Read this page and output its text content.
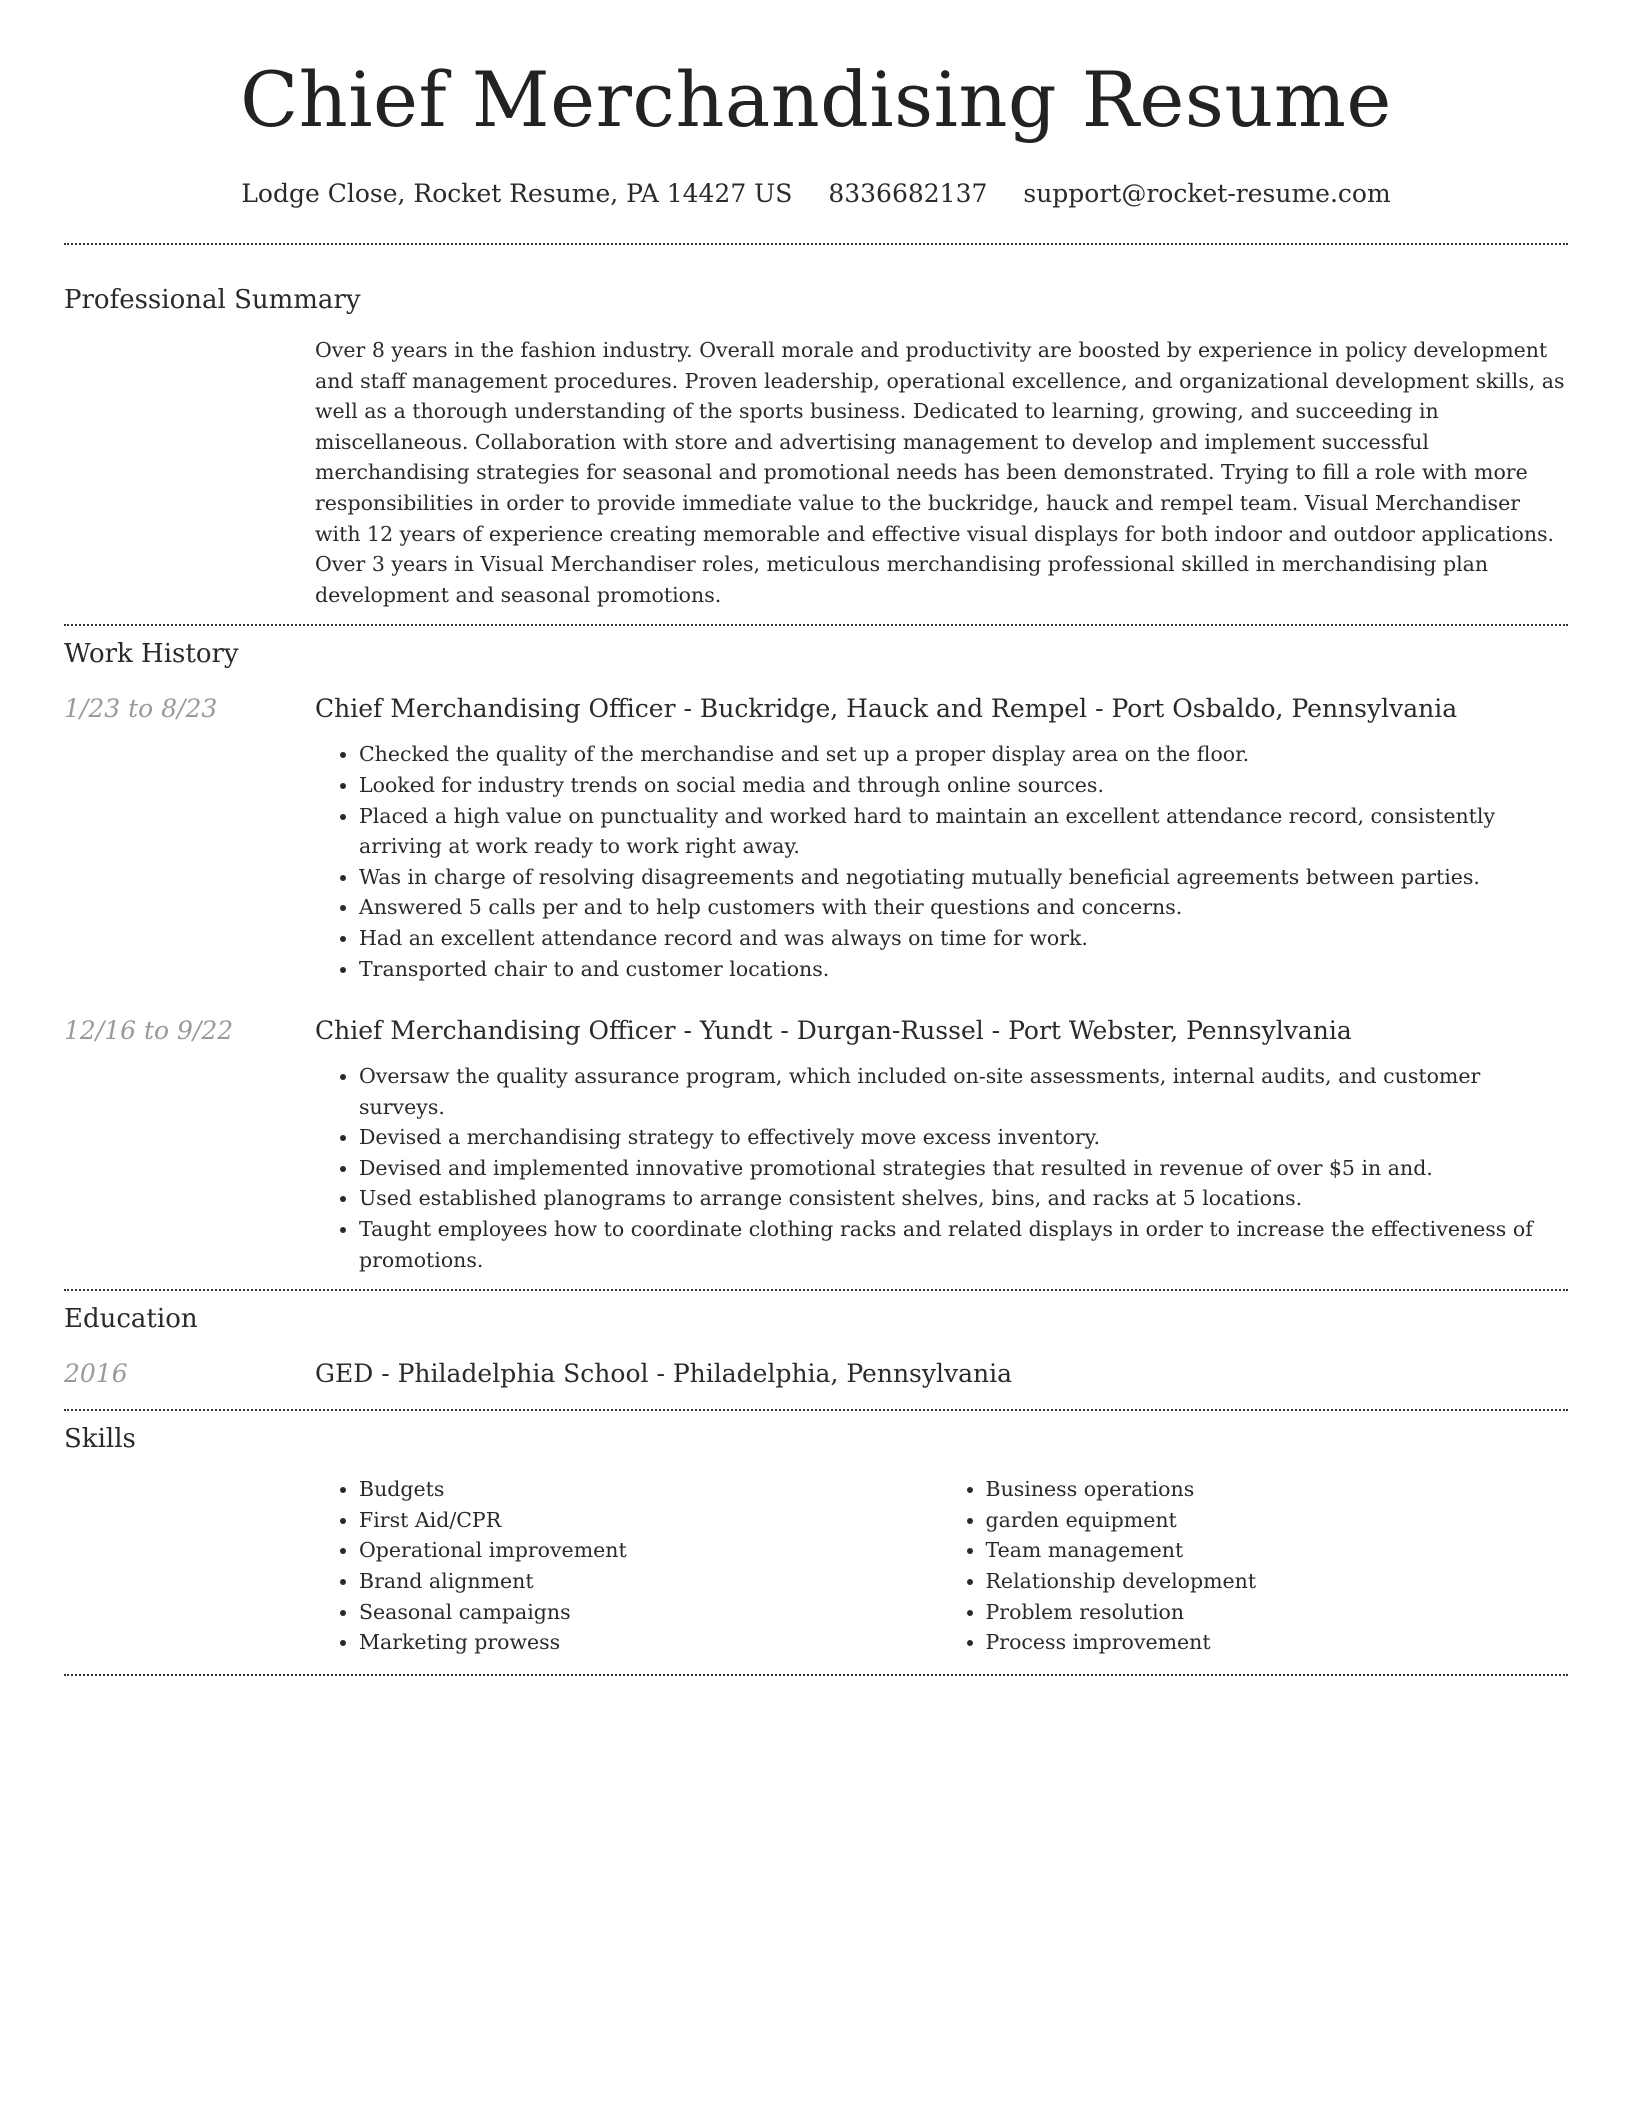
Chief Merchandising Resume
Lodge Close, Rocket Resume, PA 14427 US 8336682137 support@rocket-resume.com
Professional Summary

Over 8 years in the fashion industry. Overall morale and productivity are boosted by experience in policy development and staff management procedures. Proven leadership, operational excellence, and organizational development skills, as well as a thorough understanding of the sports business. Dedicated to learning, growing, and succeeding in miscellaneous. Collaboration with store and advertising management to develop and implement successful merchandising strategies for seasonal and promotional needs has been demonstrated. Trying to fill a role with more responsibilities in order to provide immediate value to the buckridge, hauck and rempel team. Visual Merchandiser with 12 years of experience creating memorable and effective visual displays for both indoor and outdoor applications. Over 3 years in Visual Merchandiser roles, meticulous merchandising professional skilled in merchandising plan development and seasonal promotions.

Work History
1/23 to 8/23	Chief Merchandising Officer - Buckridge, Hauck and Rempel - Port Osbaldo, Pennsylvania
• Checked the quality of the merchandise and set up a proper display area on the floor.
• Looked for industry trends on social media and through online sources.
• Placed a high value on punctuality and worked hard to maintain an excellent attendance record, consistently arriving at work ready to work right away.
• Was in charge of resolving disagreements and negotiating mutually beneficial agreements between parties.
• Answered 5 calls per and to help customers with their questions and concerns.
• Had an excellent attendance record and was always on time for work.
• Transported chair to and customer locations.
12/16 to 9/22	Chief Merchandising Officer - Yundt - Durgan-Russel - Port Webster, Pennsylvania
• Oversaw the quality assurance program, which included on-site assessments, internal audits, and customer surveys.
• Devised a merchandising strategy to effectively move excess inventory.
• Devised and implemented innovative promotional strategies that resulted in revenue of over $5 in and.
• Used established planograms to arrange consistent shelves, bins, and racks at 5 locations.
• Taught employees how to coordinate clothing racks and related displays in order to increase the effectiveness of promotions.
Education
2016	GED - Philadelphia School - Philadelphia, Pennsylvania
Skills
• Budgets
• First Aid/CPR
• Operational improvement
• Brand alignment
• Seasonal campaigns
• Marketing prowess
• Business operations
• garden equipment
• Team management
• Relationship development
• Problem resolution
• Process improvement
